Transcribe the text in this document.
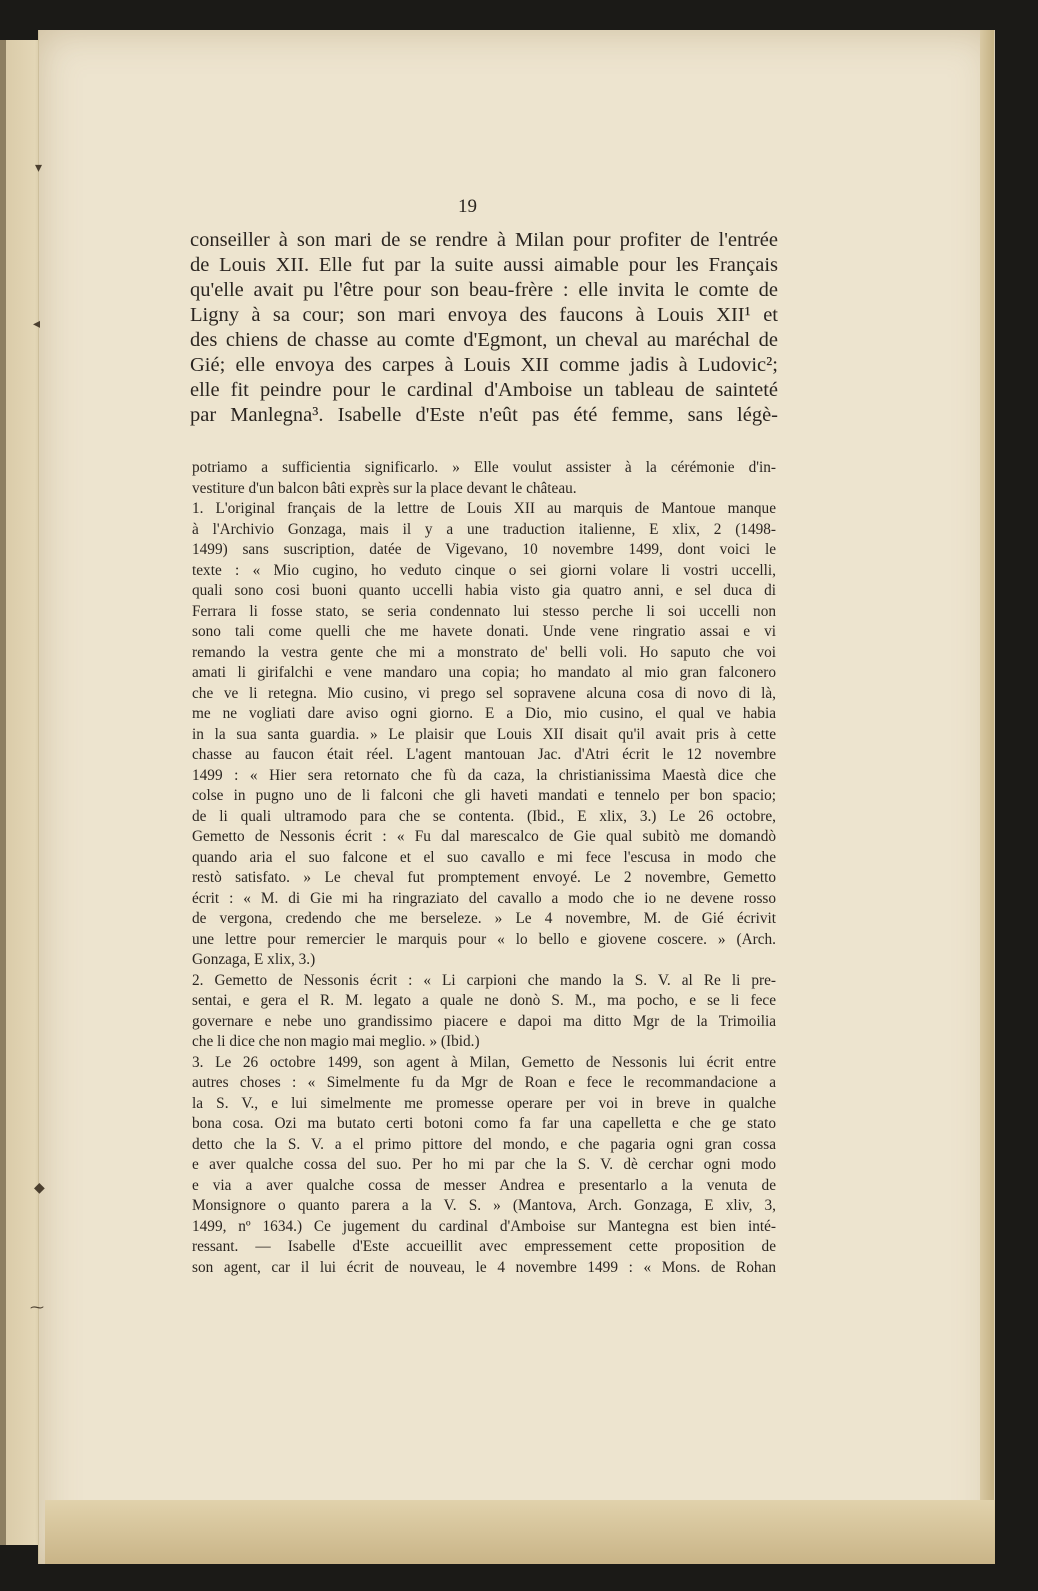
▾
◂
◆
⁓
19
conseiller à son mari de se rendre à Milan pour profiter de l'entrée
de Louis XII. Elle fut par la suite aussi aimable pour les Français
qu'elle avait pu l'être pour son beau-frère : elle invita le comte de
Ligny à sa cour; son mari envoya des faucons à Louis XII¹ et
des chiens de chasse au comte d'Egmont, un cheval au maréchal de
Gié; elle envoya des carpes à Louis XII comme jadis à Ludovic²;
elle fit peindre pour le cardinal d'Amboise un tableau de sainteté
par Manlegna³. Isabelle d'Este n'eût pas été femme, sans légè-
potriamo a sufficientia significarlo. » Elle voulut assister à la cérémonie d'in-
vestiture d'un balcon bâti exprès sur la place devant le château.
1. L'original français de la lettre de Louis XII au marquis de Mantoue manque
à l'Archivio Gonzaga, mais il y a une traduction italienne, E xlix, 2 (1498-
1499) sans suscription, datée de Vigevano, 10 novembre 1499, dont voici le
texte : « Mio cugino, ho veduto cinque o sei giorni volare li vostri uccelli,
quali sono cosi buoni quanto uccelli habia visto gia quatro anni, e sel duca di
Ferrara li fosse stato, se seria condennato lui stesso perche li soi uccelli non
sono tali come quelli che me havete donati. Unde vene ringratio assai e vi
remando la vestra gente che mi a monstrato de' belli voli. Ho saputo che voi
amati li girifalchi e vene mandaro una copia; ho mandato al mio gran falconero
che ve li retegna. Mio cusino, vi prego sel sopravene alcuna cosa di novo di là,
me ne vogliati dare aviso ogni giorno. E a Dio, mio cusino, el qual ve habia
in la sua santa guardia. » Le plaisir que Louis XII disait qu'il avait pris à cette
chasse au faucon était réel. L'agent mantouan Jac. d'Atri écrit le 12 novembre
1499 : « Hier sera retornato che fù da caza, la christianissima Maestà dice che
colse in pugno uno de li falconi che gli haveti mandati e tennelo per bon spacio;
de li quali ultramodo para che se contenta. (Ibid., E xlix, 3.) Le 26 octobre,
Gemetto de Nessonis écrit : « Fu dal marescalco de Gie qual subitò me domandò
quando aria el suo falcone et el suo cavallo e mi fece l'escusa in modo che
restò satisfato. » Le cheval fut promptement envoyé. Le 2 novembre, Gemetto
écrit : « M. di Gie mi ha ringraziato del cavallo a modo che io ne devene rosso
de vergona, credendo che me berseleze. » Le 4 novembre, M. de Gié écrivit
une lettre pour remercier le marquis pour « lo bello e giovene coscere. » (Arch.
Gonzaga, E xlix, 3.)
2. Gemetto de Nessonis écrit : « Li carpioni che mando la S. V. al Re li pre-
sentai, e gera el R. M. legato a quale ne donò S. M., ma pocho, e se li fece
governare e nebe uno grandissimo piacere e dapoi ma ditto Mgr de la Trimoilia
che li dice che non magio mai meglio. » (Ibid.)
3. Le 26 octobre 1499, son agent à Milan, Gemetto de Nessonis lui écrit entre
autres choses : « Simelmente fu da Mgr de Roan e fece le recommandacione a
la S. V., e lui simelmente me promesse operare per voi in breve in qualche
bona cosa. Ozi ma butato certi botoni como fa far una capelletta e che ge stato
detto che la S. V. a el primo pittore del mondo, e che pagaria ogni gran cossa
e aver qualche cossa del suo. Per ho mi par che la S. V. dè cerchar ogni modo
e via a aver qualche cossa de messer Andrea e presentarlo a la venuta de
Monsignore o quanto parera a la V. S. » (Mantova, Arch. Gonzaga, E xliv, 3,
1499, nº 1634.) Ce jugement du cardinal d'Amboise sur Mantegna est bien inté-
ressant. — Isabelle d'Este accueillit avec empressement cette proposition de
son agent, car il lui écrit de nouveau, le 4 novembre 1499 : « Mons. de Rohan
